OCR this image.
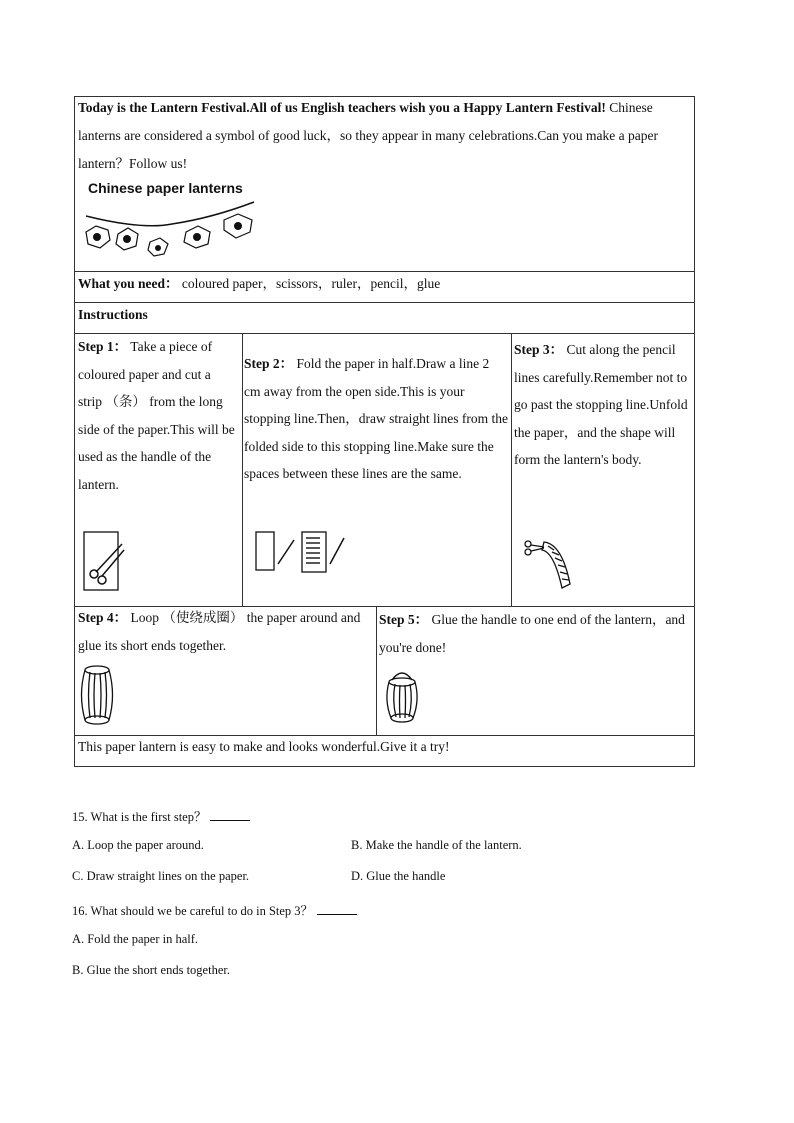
Today is the Lantern Festival.All of us English teachers wish you a Happy Lantern Festival! Chinese lanterns are considered a symbol of good luck，so they appear in many celebrations.Can you make a paper lantern？Follow us!
Chinese paper lanterns
What you need： coloured paper，scissors，ruler，pencil，glue
Instructions
Step 1： Take a piece of coloured paper and cut a strip （条） from the long side of the paper.This will be used as the handle of the lantern.
Step 2： Fold the paper in half.Draw a line 2 cm away from the open side.This is your stopping line.Then，draw straight lines from the folded side to this stopping line.Make sure the spaces between these lines are the same.
Step 3： Cut along the pencil lines carefully.Remember not to go past the stopping line.Unfold the paper，and the shape will form the lantern's body.
Step 4： Loop （使绕成圈） the paper around and glue its short ends together.
Step 5： Glue the handle to one end of the lantern，and you're done!
This paper lantern is easy to make and looks wonderful.Give it a try!
15. What is the first step？
A. Loop the paper around.	B. Make the handle of the lantern.
C. Draw straight lines on the paper.	D. Glue the handle
16. What should we be careful to do in Step 3？
A. Fold the paper in half.
B. Glue the short ends together.
